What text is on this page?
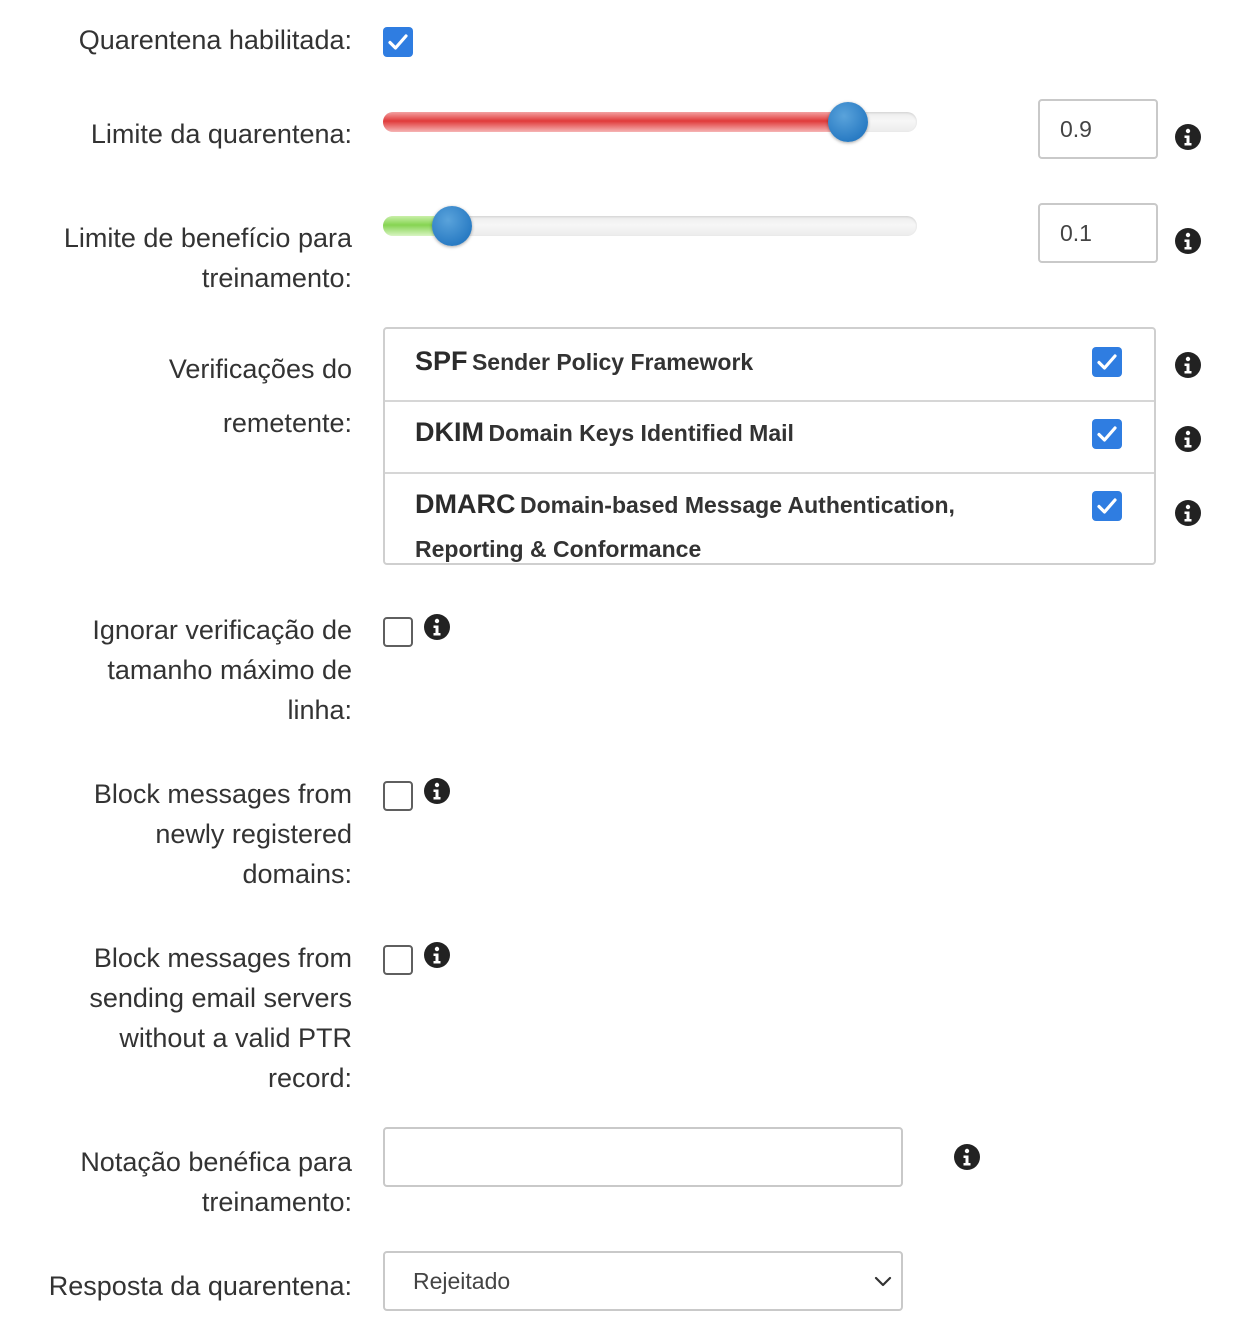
Quarentena habilitada:
Limite da quarentena:	0.9
Limite de benefício para
treinamento:
0.1
Verificações do
remetente:
SPF Sender Policy Framework
DKIM Domain Keys Identified Mail
DMARC Domain-based Message Authentication,
Reporting & Conformance
Ignorar verificação de
tamanho máximo de
linha:
Block messages from
newly registered
domains:
Block messages from
sending email servers
without a valid PTR
record:
Notação benéfica para
treinamento:
Resposta da quarentena:	Rejeitado
